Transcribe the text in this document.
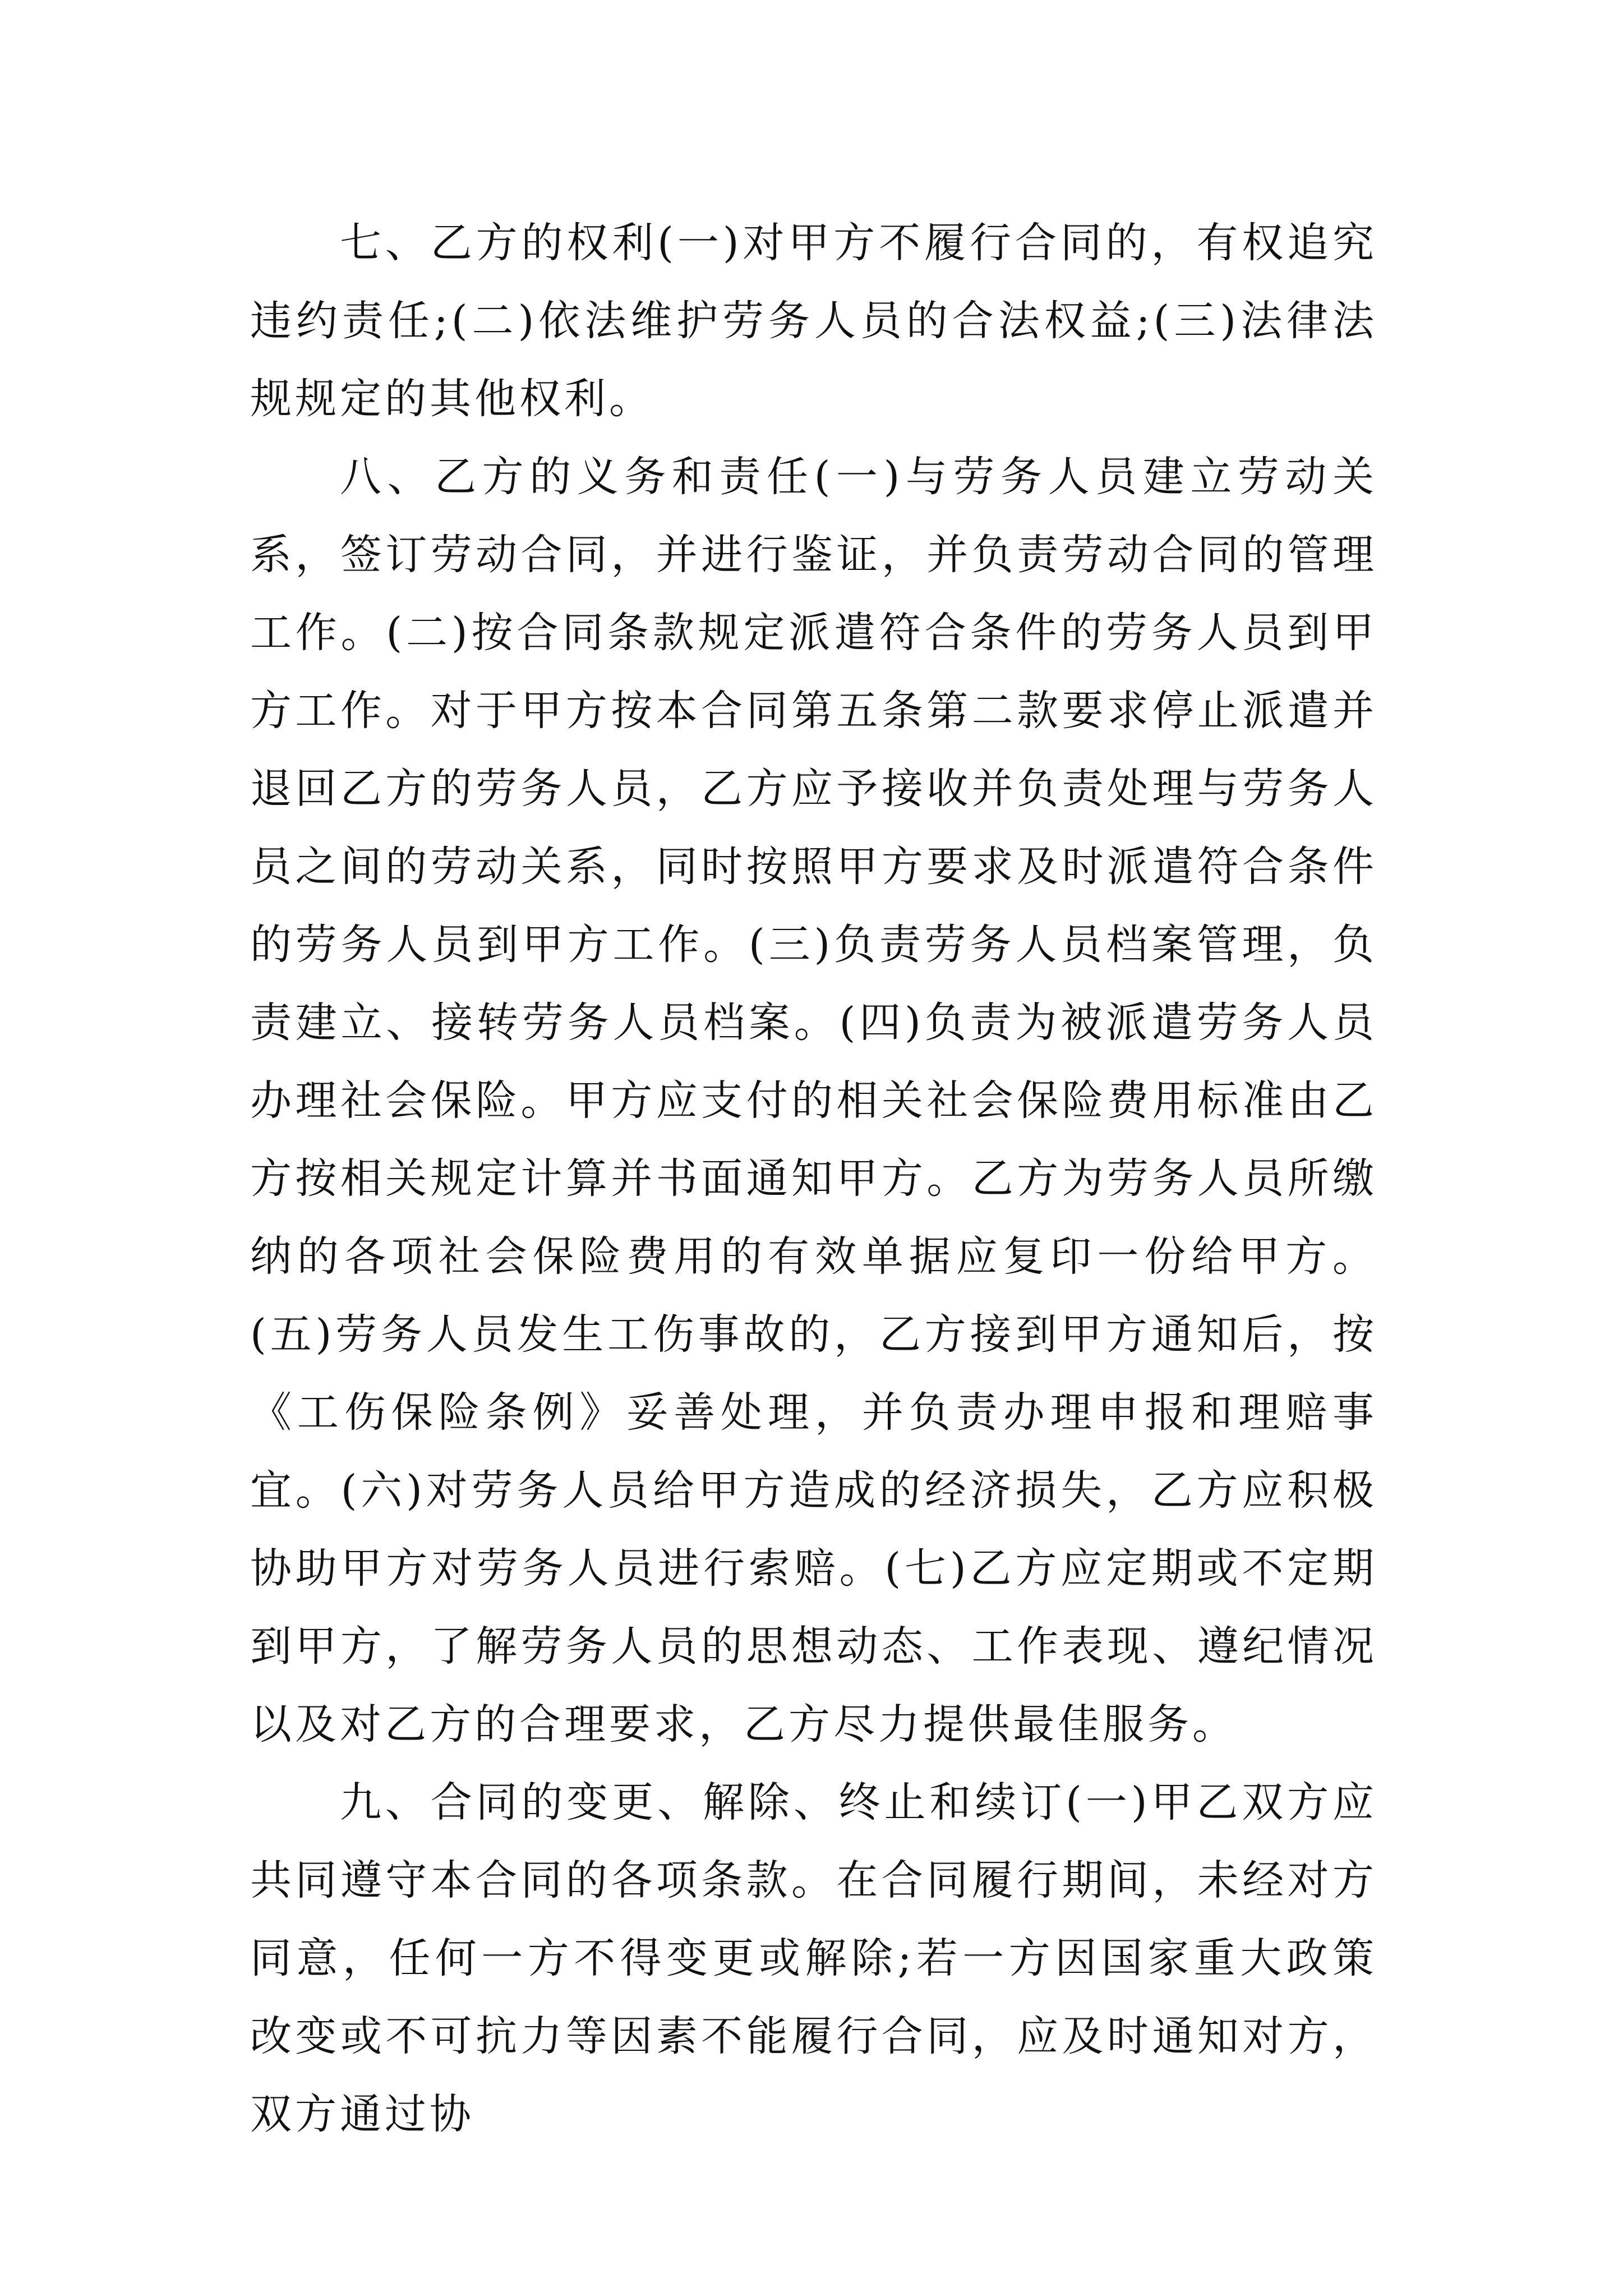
七、乙方的权利(一)对甲方不履行合同的，有权追究违约责任;(二)依法维护劳务人员的合法权益;(三)法律法规规定的其他权利。

八、乙方的义务和责任(一)与劳务人员建立劳动关系，签订劳动合同，并进行鉴证，并负责劳动合同的管理工作。(二)按合同条款规定派遣符合条件的劳务人员到甲方工作。对于甲方按本合同第五条第二款要求停止派遣并退回乙方的劳务人员，乙方应予接收并负责处理与劳务人员之间的劳动关系，同时按照甲方要求及时派遣符合条件的劳务人员到甲方工作。(三)负责劳务人员档案管理，负责建立、接转劳务人员档案。(四)负责为被派遣劳务人员办理社会保险。甲方应支付的相关社会保险费用标准由乙方按相关规定计算并书面通知甲方。乙方为劳务人员所缴纳的各项社会保险费用的有效单据应复印一份给甲方。(五)劳务人员发生工伤事故的，乙方接到甲方通知后，按《工伤保险条例》妥善处理，并负责办理申报和理赔事宜。(六)对劳务人员给甲方造成的经济损失，乙方应积极协助甲方对劳务人员进行索赔。(七)乙方应定期或不定期到甲方，了解劳务人员的思想动态、工作表现、遵纪情况以及对乙方的合理要求，乙方尽力提供最佳服务。

九、合同的变更、解除、终止和续订(一)甲乙双方应共同遵守本合同的各项条款。在合同履行期间，未经对方同意，任何一方不得变更或解除;若一方因国家重大政策改变或不可抗力等因素不能履行合同，应及时通知对方，双方通过协
